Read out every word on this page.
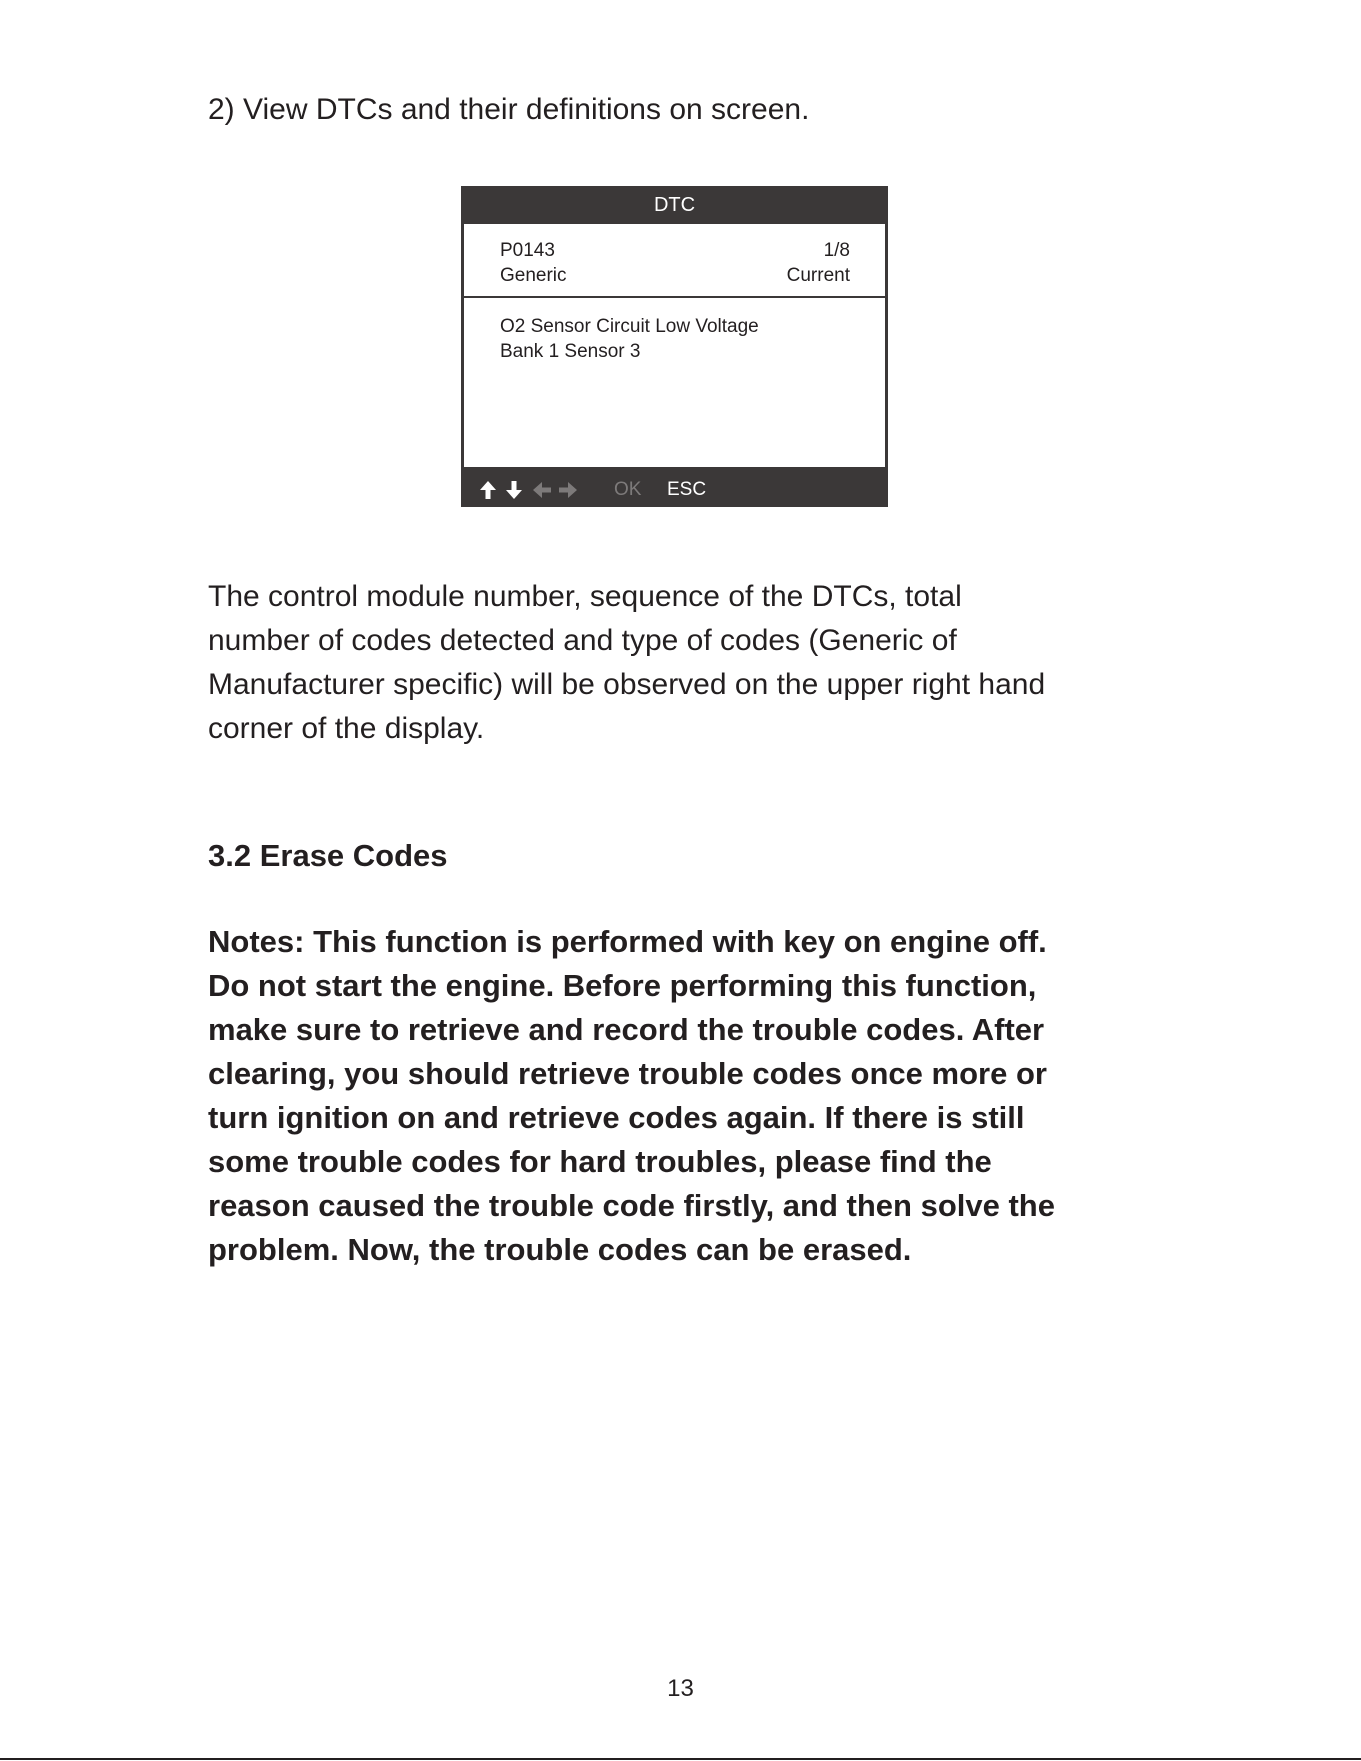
2) View DTCs and their definitions on screen.

DTC
P0143	1/8
Generic	Current
O2 Sensor Circuit Low Voltage
Bank 1 Sensor 3
OK ESC

The control module number, sequence of the DTCs, total
number of codes detected and type of codes (Generic of
Manufacturer specific) will be observed on the upper right hand
corner of the display.

3.2 Erase Codes

Notes: This function is performed with key on engine off.
Do not start the engine. Before performing this function,
make sure to retrieve and record the trouble codes. After
clearing, you should retrieve trouble codes once more or
turn ignition on and retrieve codes again. If there is still
some trouble codes for hard troubles, please find the
reason caused the trouble code firstly, and then solve the
problem. Now, the trouble codes can be erased.

13
